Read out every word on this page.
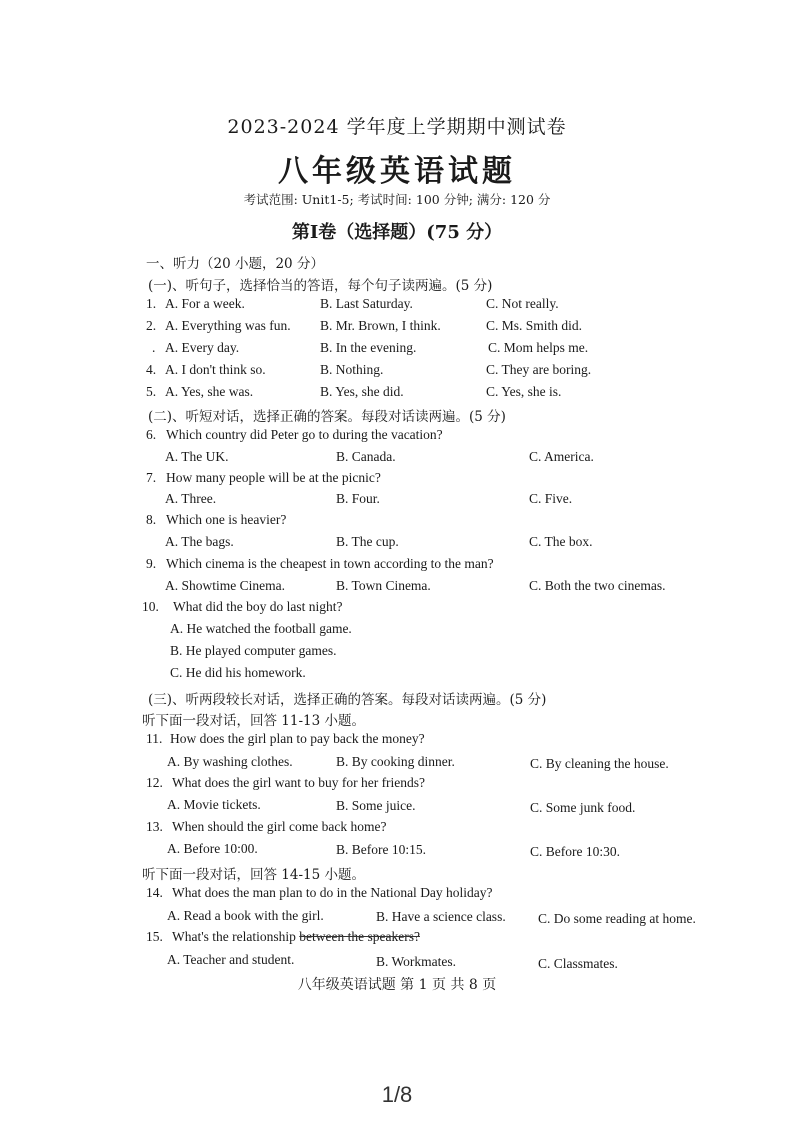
2023-2024 学年度上学期期中测试卷
八年级英语试题
考试范围: Unit1-5; 考试时间: 100 分钟; 满分: 120 分
第Ⅰ卷（选择题）(75 分）
一、听力（20 小题，20 分）
(一)、听句子，选择恰当的答语，每个句子读两遍。(5 分)
1. A. For a week.	B. Last Saturday.	C. Not really.
2. A. Everything was fun. B. Mr. Brown, I think.	C. Ms. Smith did.
. A. Every day.	B. In the evening.	C. Mom helps me.
4. A. I don't think so.	B. Nothing.	C. They are boring.
5. A. Yes, she was.	B. Yes, she did.	C. Yes, she is.
(二)、听短对话，选择正确的答案。每段对话读两遍。(5 分)
6. Which country did Peter go to during the vacation?
A. The UK.	B. Canada.	C. America.
7. How many people will be at the picnic?
A. Three.	B. Four.	C. Five.
8. Which one is heavier?
A. The bags.	B. The cup.	C. The box.
9. Which cinema is the cheapest in town according to the man?
A. Showtime Cinema.	B. Town Cinema.	C. Both the two cinemas.
10. What did the boy do last night?
A. He watched the football game.
B. He played computer games.
C. He did his homework.
(三)、听两段较长对话，选择正确的答案。每段对话读两遍。(5 分)
听下面一段对话，回答 11-13 小题。
11. How does the girl plan to pay back the money?
A. By washing clothes.	B. By cooking dinner.	C. By cleaning the house.
12. What does the girl want to buy for her friends?
A. Movie tickets.	B. Some juice.	C. Some junk food.
13. When should the girl come back home?
A. Before 10:00.	B. Before 10:15.	C. Before 10:30.
听下面一段对话，回答 14-15 小题。
14. What does the man plan to do in the National Day holiday?
A. Read a book with the girl.	B. Have a science class. C. Do some reading at home.
15. What's the relationship between the speakers?
A. Teacher and student.	B. Workmates.	C. Classmates.
八年级英语试题 第 1 页 共 8 页
1/8
